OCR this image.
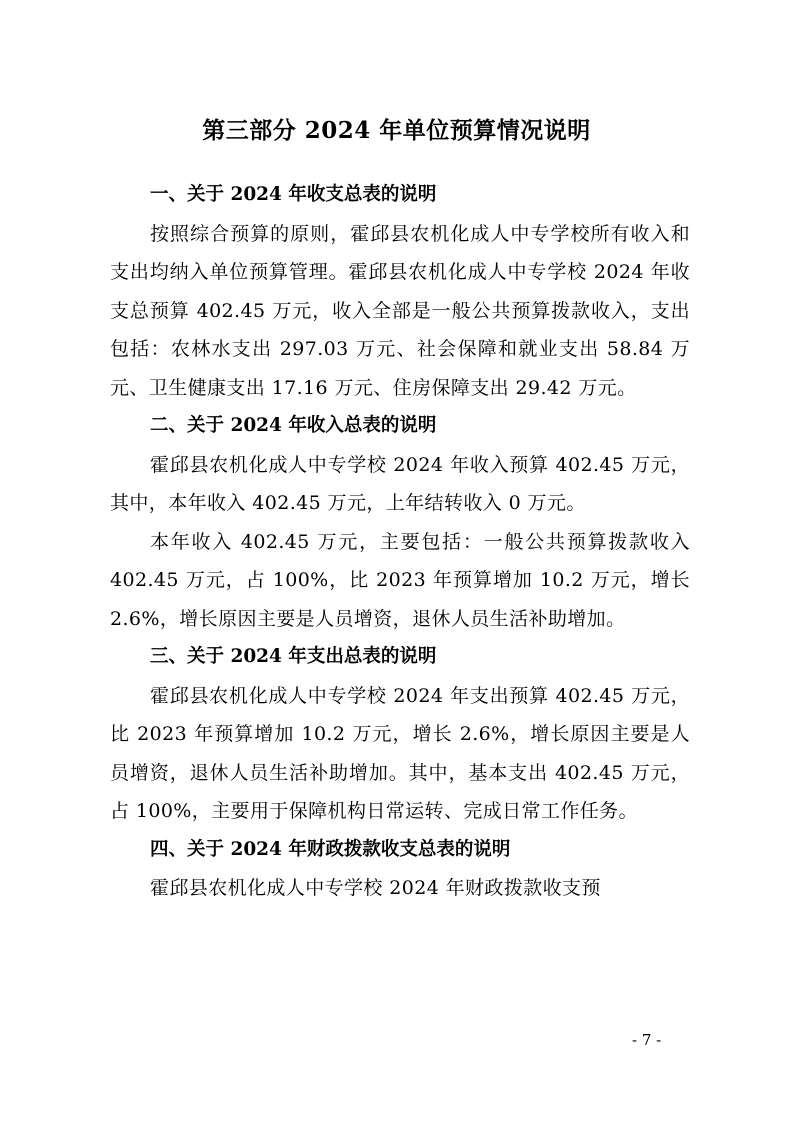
第三部分 2024 年单位预算情况说明
一、关于 2024 年收支总表的说明

按照综合预算的原则，霍邱县农机化成人中专学校所有收入和支出均纳入单位预算管理。霍邱县农机化成人中专学校 2024 年收支总预算 402.45 万元，收入全部是一般公共预算拨款收入，支出包括：农林水支出 297.03 万元、社会保障和就业支出 58.84 万元、卫生健康支出 17.16 万元、住房保障支出 29.42 万元。

二、关于 2024 年收入总表的说明

霍邱县农机化成人中专学校 2024 年收入预算 402.45 万元，其中，本年收入 402.45 万元，上年结转收入 0 万元。

本年收入 402.45 万元，主要包括：一般公共预算拨款收入 402.45 万元，占 100%，比 2023 年预算增加 10.2 万元，增长 2.6%，增长原因主要是人员增资，退休人员生活补助增加。

三、关于 2024 年支出总表的说明

霍邱县农机化成人中专学校 2024 年支出预算 402.45 万元，比 2023 年预算增加 10.2 万元，增长 2.6%，增长原因主要是人员增资，退休人员生活补助增加。其中，基本支出 402.45 万元，占 100%，主要用于保障机构日常运转、完成日常工作任务。

四、关于 2024 年财政拨款收支总表的说明

霍邱县农机化成人中专学校 2024 年财政拨款收支预

- 7 -
